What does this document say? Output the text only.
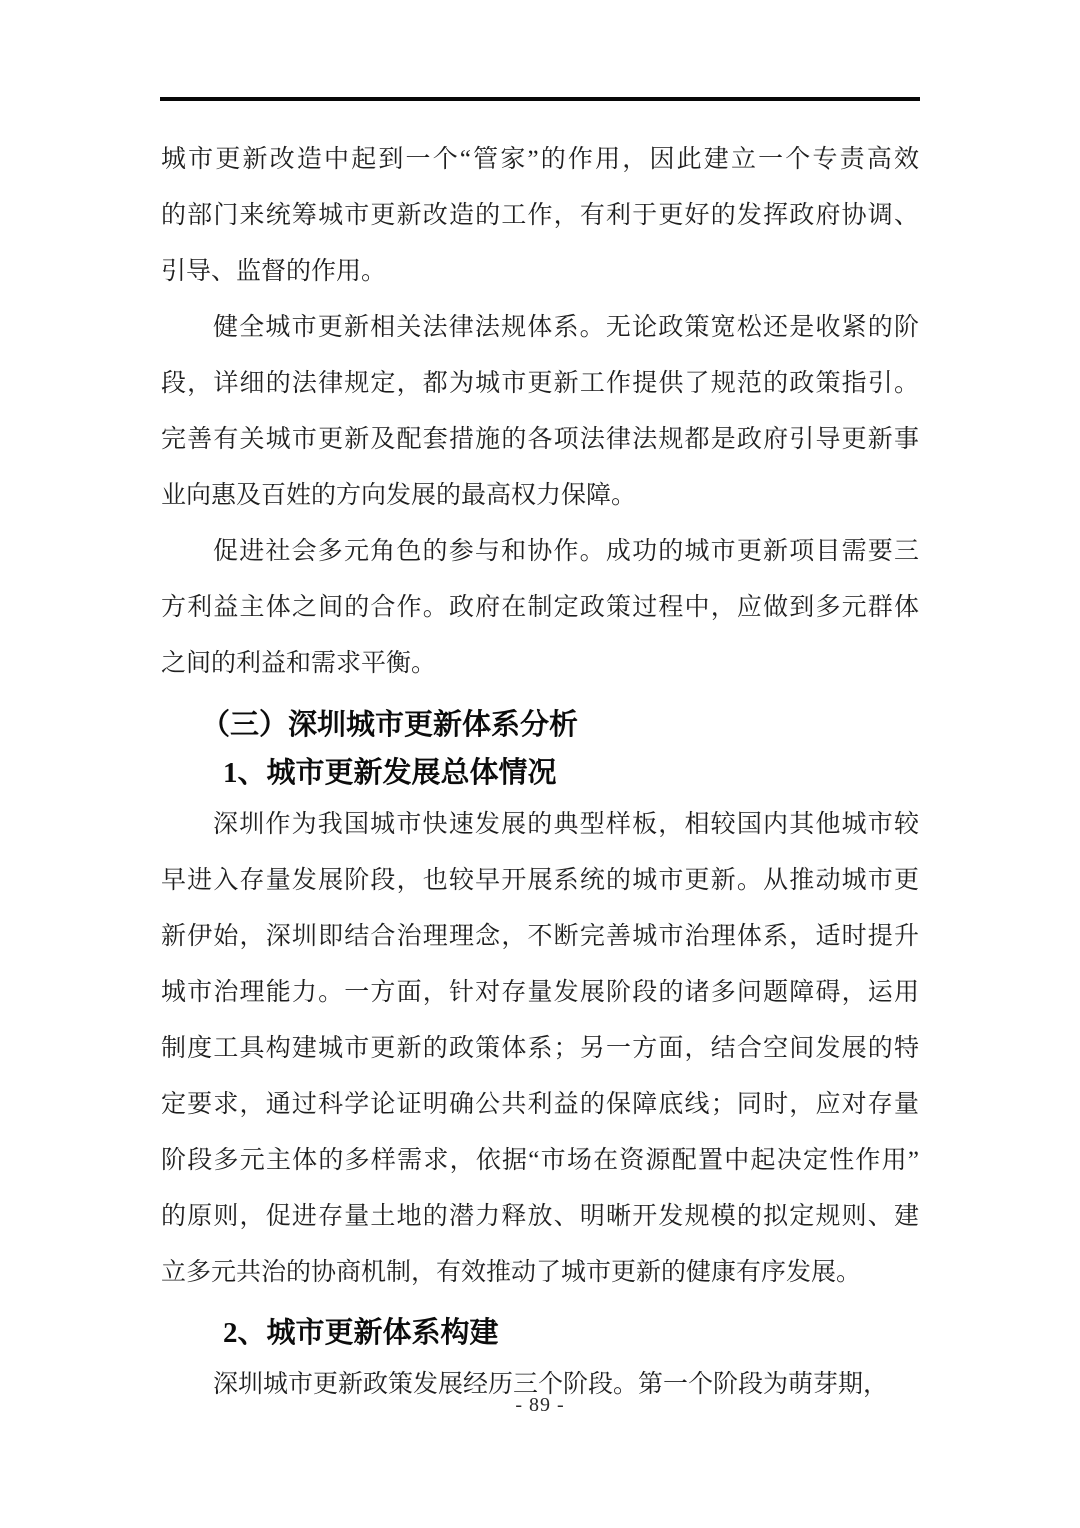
城市更新改造中起到一个“管家”的作用，因此建立一个专责高效
的部门来统筹城市更新改造的工作，有利于更好的发挥政府协调、
引导、监督的作用。
健全城市更新相关法律法规体系。无论政策宽松还是收紧的阶
段，详细的法律规定，都为城市更新工作提供了规范的政策指引。
完善有关城市更新及配套措施的各项法律法规都是政府引导更新事
业向惠及百姓的方向发展的最高权力保障。
促进社会多元角色的参与和协作。成功的城市更新项目需要三
方利益主体之间的合作。政府在制定政策过程中，应做到多元群体
之间的利益和需求平衡。
（三）深圳城市更新体系分析
1、城市更新发展总体情况
深圳作为我国城市快速发展的典型样板，相较国内其他城市较
早进入存量发展阶段，也较早开展系统的城市更新。从推动城市更
新伊始，深圳即结合治理理念，不断完善城市治理体系，适时提升
城市治理能力。一方面，针对存量发展阶段的诸多问题障碍，运用
制度工具构建城市更新的政策体系；另一方面，结合空间发展的特
定要求，通过科学论证明确公共利益的保障底线；同时，应对存量
阶段多元主体的多样需求，依据“市场在资源配置中起决定性作用”
的原则，促进存量土地的潜力释放、明晰开发规模的拟定规则、建
立多元共治的协商机制，有效推动了城市更新的健康有序发展。
2、城市更新体系构建
深圳城市更新政策发展经历三个阶段。第一个阶段为萌芽期，
- 89 -
